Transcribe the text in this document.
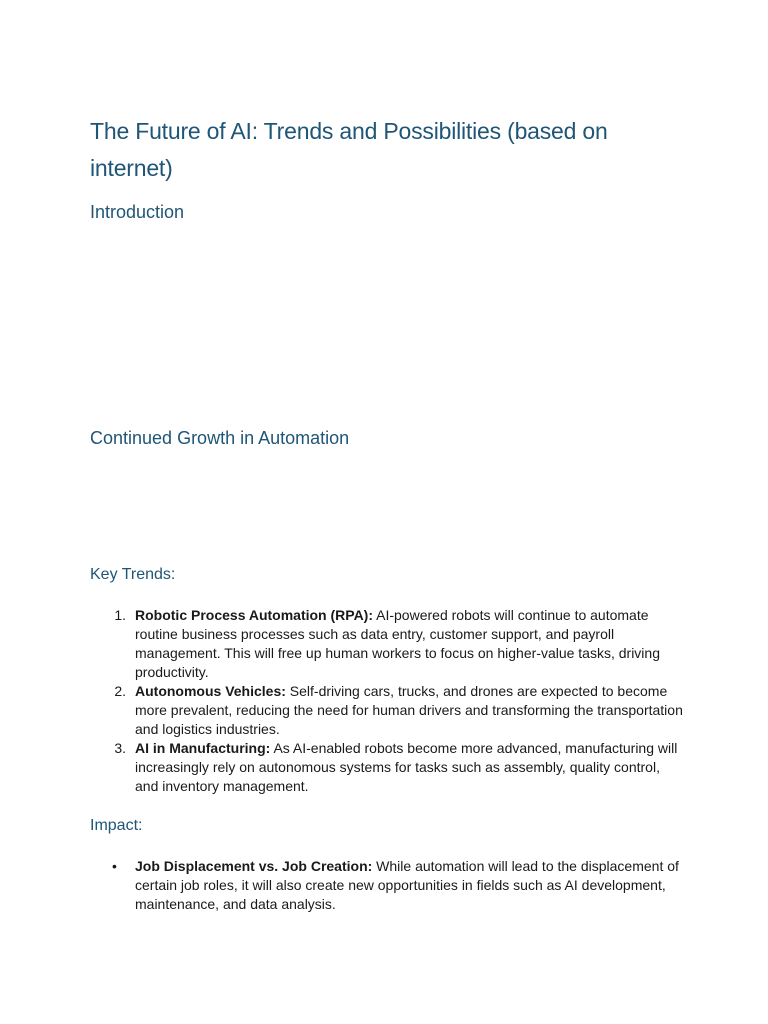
The Future of AI: Trends and Possibilities (based on internet)
Introduction
Continued Growth in Automation
Key Trends:
1. Robotic Process Automation (RPA): AI-powered robots will continue to automate routine business processes such as data entry, customer support, and payroll management. This will free up human workers to focus on higher-value tasks, driving productivity.
2. Autonomous Vehicles: Self-driving cars, trucks, and drones are expected to become more prevalent, reducing the need for human drivers and transforming the transportation and logistics industries.
3. AI in Manufacturing: As AI-enabled robots become more advanced, manufacturing will increasingly rely on autonomous systems for tasks such as assembly, quality control, and inventory management.
Impact:
• Job Displacement vs. Job Creation: While automation will lead to the displacement of certain job roles, it will also create new opportunities in fields such as AI development, maintenance, and data analysis.
